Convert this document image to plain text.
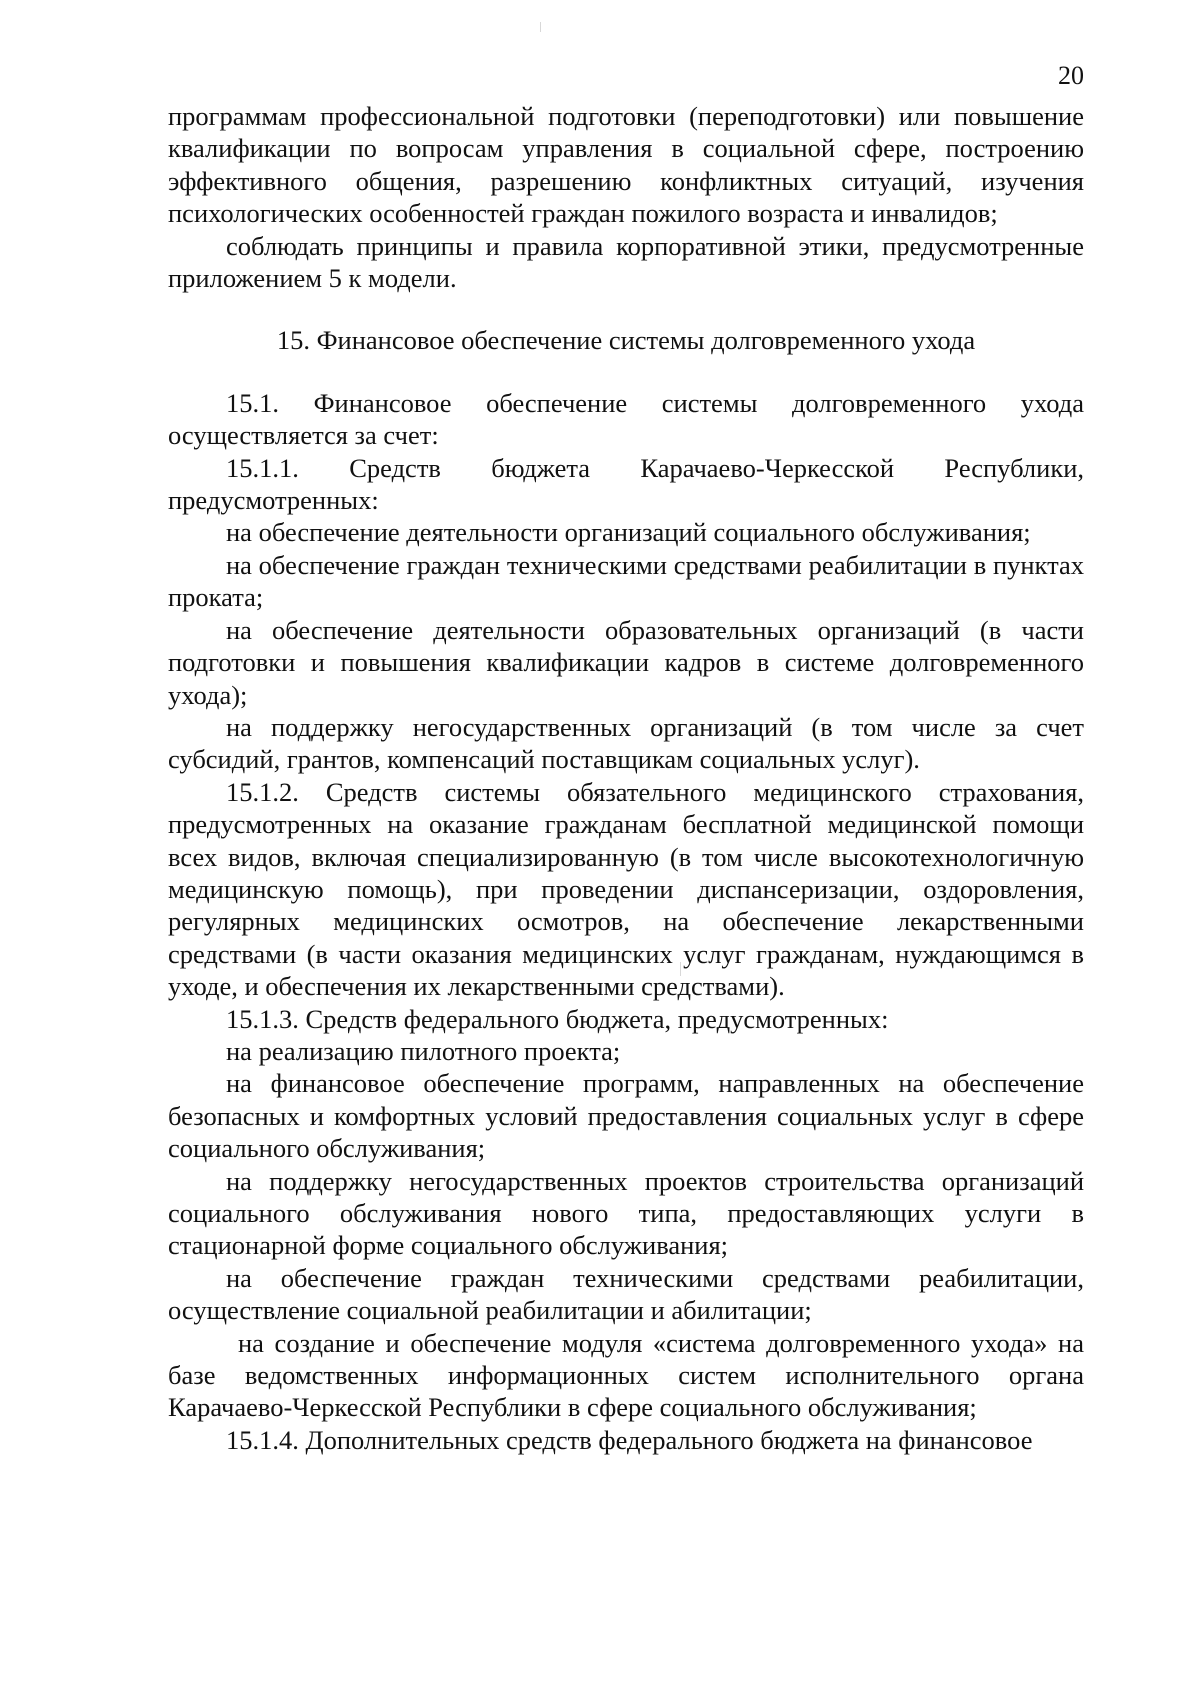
20

программам профессиональной подготовки (переподготовки) или повышение квалификации по вопросам управления в социальной сфере, построению эффективного общения, разрешению конфликтных ситуаций, изучения психологических особенностей граждан пожилого возраста и инвалидов;

соблюдать принципы и правила корпоративной этики, предусмотренные приложением 5 к модели.

15. Финансовое обеспечение системы долговременного ухода

15.1. Финансовое обеспечение системы долговременного ухода осуществляется за счет:

15.1.1. Средств бюджета Карачаево-Черкесской Республики, предусмотренных:

на обеспечение деятельности организаций социального обслуживания;

на обеспечение граждан техническими средствами реабилитации в пунктах проката;

на обеспечение деятельности образовательных организаций (в части подготовки и повышения квалификации кадров в системе долговременного ухода);

на поддержку негосударственных организаций (в том числе за счет субсидий, грантов, компенсаций поставщикам социальных услуг).

15.1.2. Средств системы обязательного медицинского страхования, предусмотренных на оказание гражданам бесплатной медицинской помощи всех видов, включая специализированную (в том числе высокотехнологичную медицинскую помощь), при проведении диспансеризации, оздоровления, регулярных медицинских осмотров, на обеспечение лекарственными средствами (в части оказания медицинских услуг гражданам, нуждающимся в уходе, и обеспечения их лекарственными средствами).

15.1.3. Средств федерального бюджета, предусмотренных:

на реализацию пилотного проекта;

на финансовое обеспечение программ, направленных на обеспечение безопасных и комфортных условий предоставления социальных услуг в сфере социального обслуживания;

на поддержку негосударственных проектов строительства организаций социального обслуживания нового типа, предоставляющих услуги в стационарной форме социального обслуживания;

на обеспечение граждан техническими средствами реабилитации, осуществление социальной реабилитации и абилитации;

на создание и обеспечение модуля «система долговременного ухода» на базе ведомственных информационных систем исполнительного органа Карачаево-Черкесской Республики в сфере социального обслуживания;

15.1.4. Дополнительных средств федерального бюджета на финансовое
